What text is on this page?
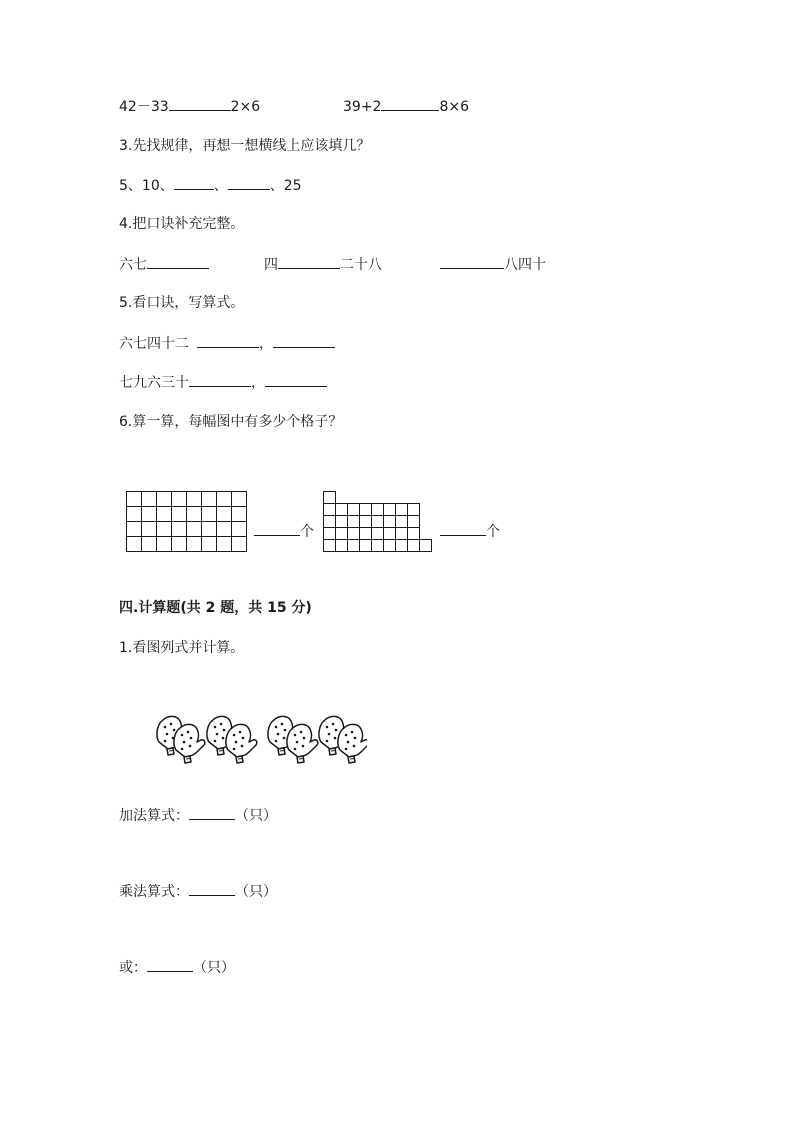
42－33	2×6	39+2	8×6
3.先找规律，再想一想横线上应该填几？
5、10、	、	、25
4.把口诀补充完整。
六七	四	二十八	八四十
5.看口诀，写算式。
六七四十二	，
七九六三十	，
6.算一算，每幅图中有多少个格子？
个	个
四.计算题(共 2 题，共 15 分)
1.看图列式并计算。
加法算式：	（只）
乘法算式：	（只）
或：	（只）
